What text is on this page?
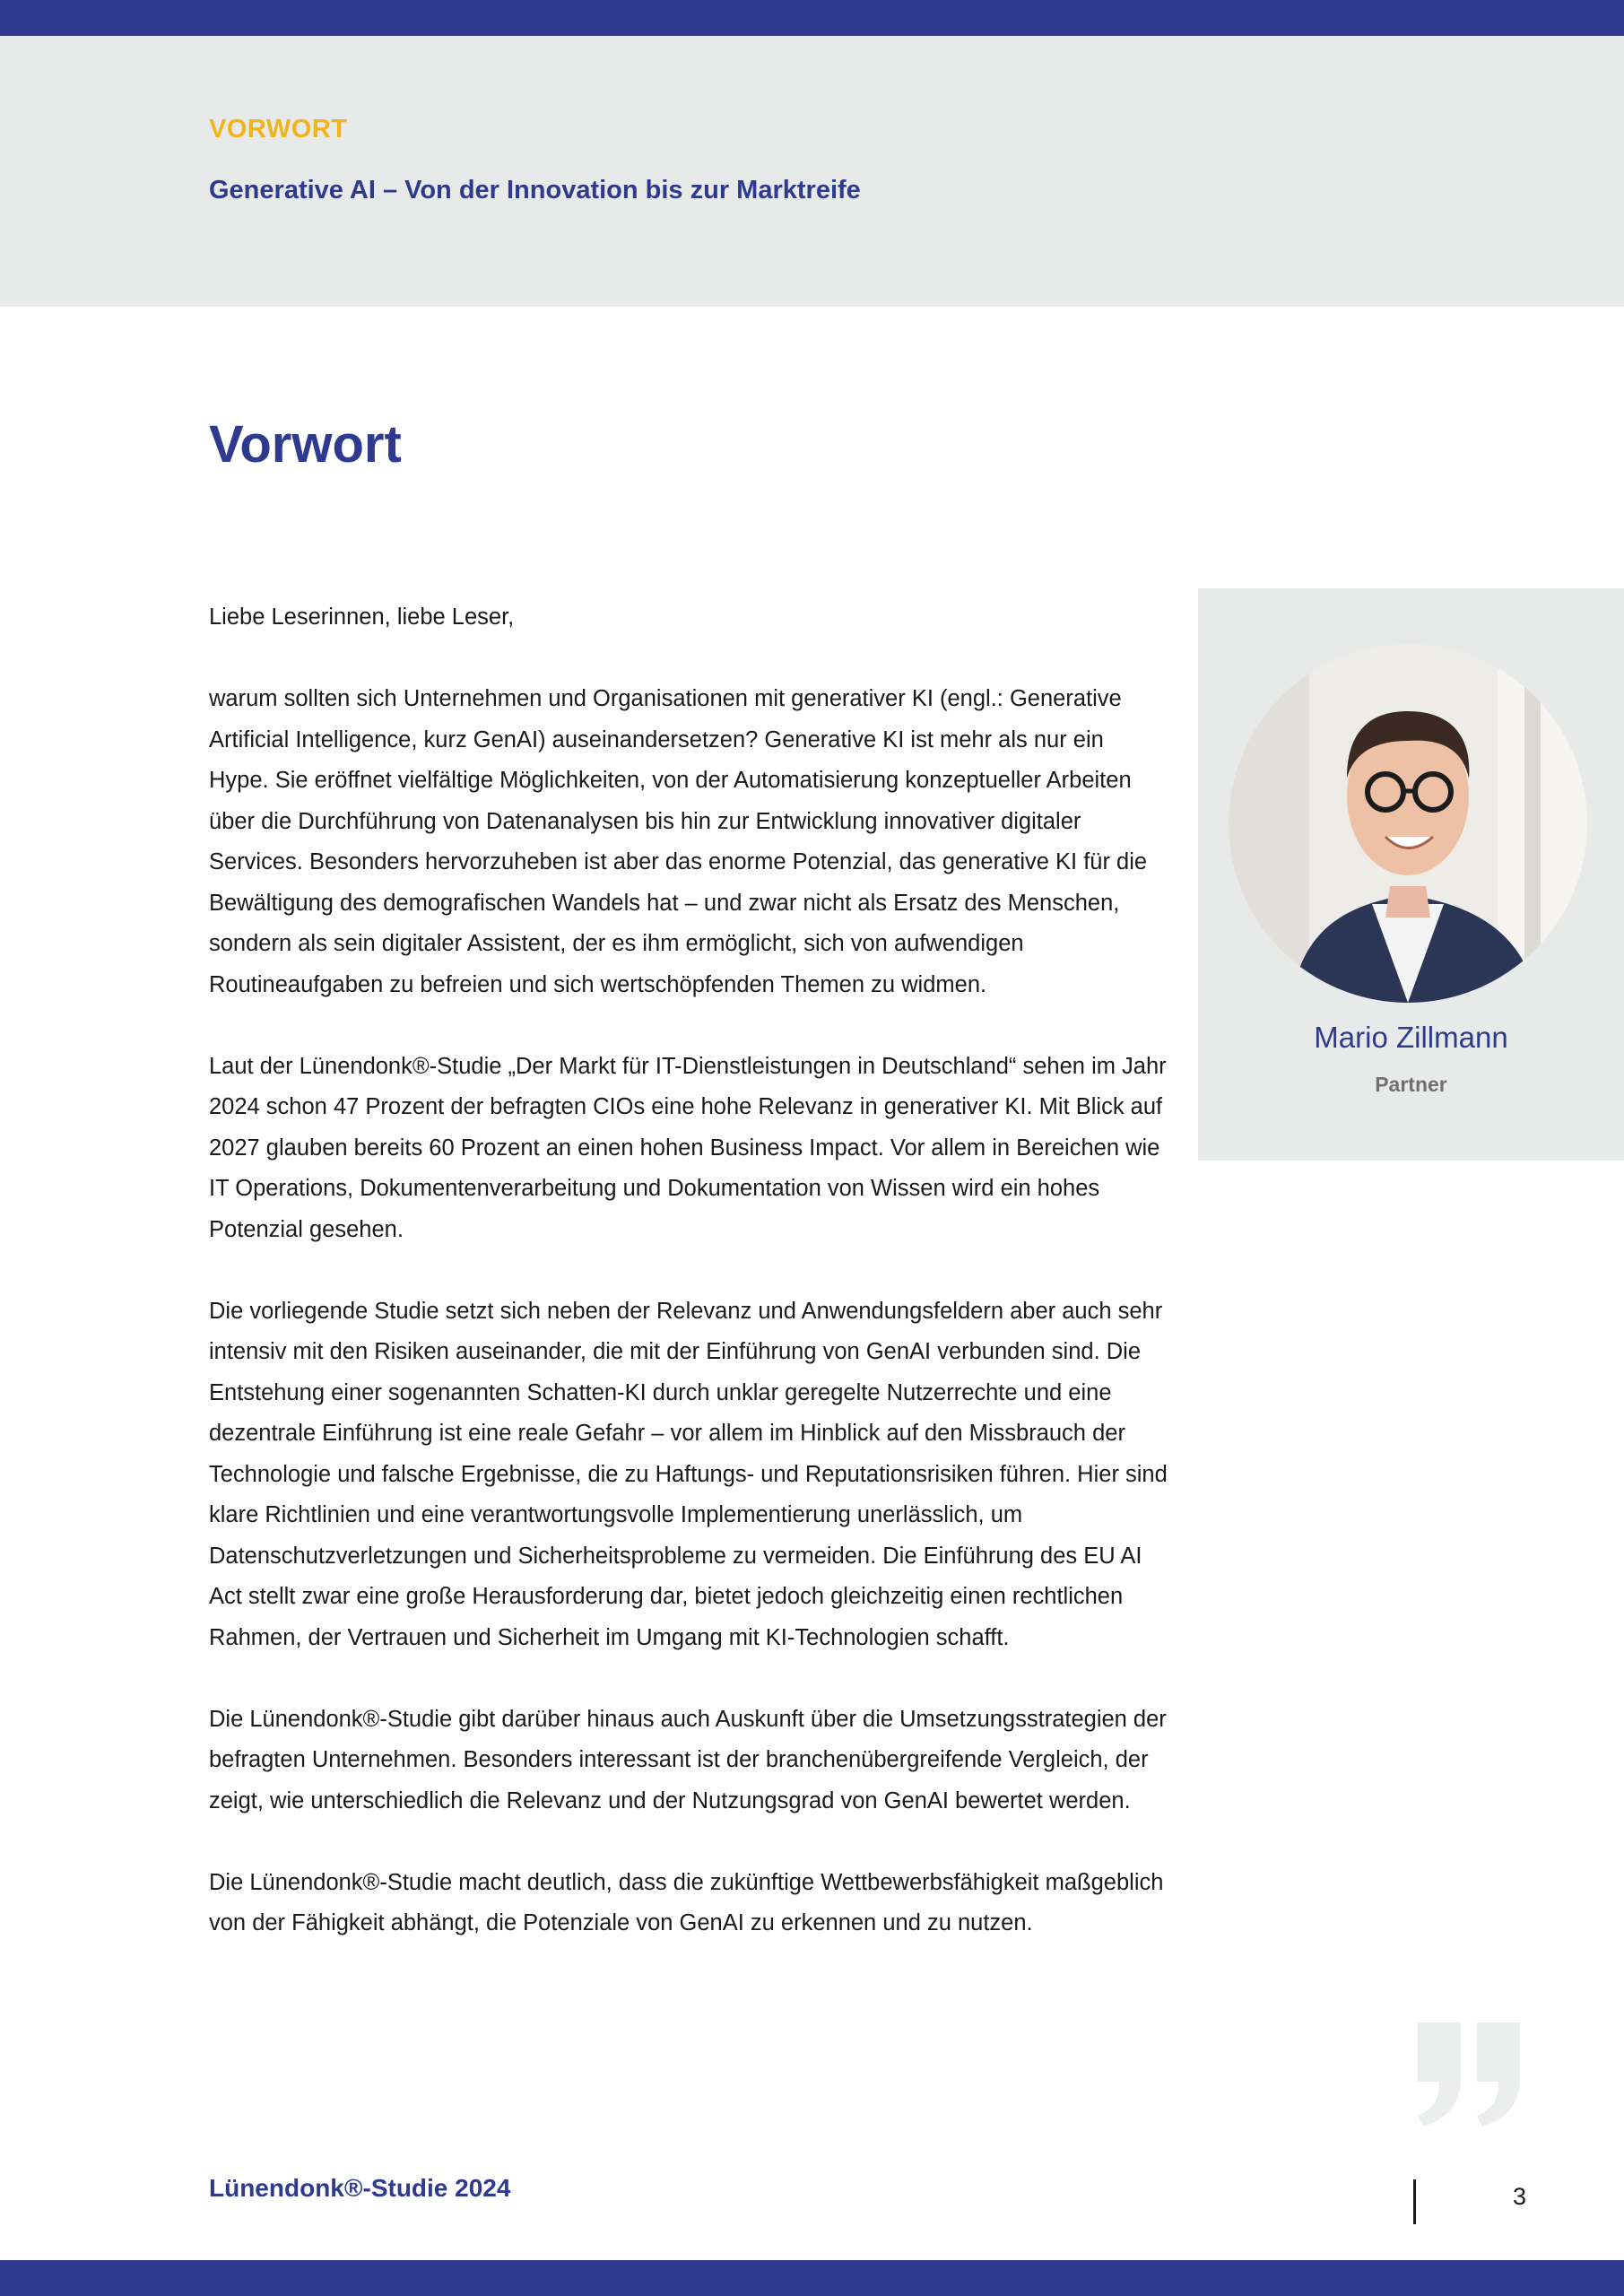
VORWORT
Generative AI – Von der Innovation bis zur Marktreife
Vorwort

Liebe Leserinnen, liebe Leser,

warum sollten sich Unternehmen und Organisationen mit generativer KI (engl.: Generative Artificial Intelligence, kurz GenAI) auseinandersetzen? Generative KI ist mehr als nur ein Hype. Sie eröffnet vielfältige Möglichkeiten, von der Automatisierung konzeptueller Arbeiten über die Durchführung von Datenanalysen bis hin zur Entwicklung innovativer digitaler Services. Besonders hervorzuheben ist aber das enorme Potenzial, das generative KI für die Bewältigung des demografischen Wandels hat – und zwar nicht als Ersatz des Menschen, sondern als sein digitaler Assistent, der es ihm ermöglicht, sich von aufwendigen Routineaufgaben zu befreien und sich wertschöpfenden Themen zu widmen.

Laut der Lünendonk®-Studie „Der Markt für IT-Dienstleistungen in Deutschland“ sehen im Jahr 2024 schon 47 Prozent der befragten CIOs eine hohe Relevanz in generativer KI. Mit Blick auf 2027 glauben bereits 60 Prozent an einen hohen Business Impact. Vor allem in Bereichen wie IT Operations, Dokumentenverarbeitung und Dokumentation von Wissen wird ein hohes Potenzial gesehen.

Die vorliegende Studie setzt sich neben der Relevanz und Anwendungsfeldern aber auch sehr intensiv mit den Risiken auseinander, die mit der Einführung von GenAI verbunden sind. Die Entstehung einer sogenannten Schatten-KI durch unklar geregelte Nutzerrechte und eine dezentrale Einführung ist eine reale Gefahr – vor allem im Hinblick auf den Missbrauch der Technologie und falsche Ergebnisse, die zu Haftungs- und Reputationsrisiken führen. Hier sind klare Richtlinien und eine verantwortungsvolle Implementierung unerlässlich, um Datenschutzverletzungen und Sicherheitsprobleme zu vermeiden. Die Einführung des EU AI Act stellt zwar eine große Herausforderung dar, bietet jedoch gleichzeitig einen rechtlichen Rahmen, der Vertrauen und Sicherheit im Umgang mit KI-Technologien schafft.

Die Lünendonk®-Studie gibt darüber hinaus auch Auskunft über die Umsetzungsstrategien der befragten Unternehmen. Besonders interessant ist der branchenübergreifende Vergleich, der zeigt, wie unterschiedlich die Relevanz und der Nutzungsgrad von GenAI bewertet werden.

Die Lünendonk®-Studie macht deutlich, dass die zukünftige Wettbewerbsfähigkeit maßgeblich von der Fähigkeit abhängt, die Potenziale von GenAI zu erkennen und zu nutzen.

Mario Zillmann

Partner

Lünendonk®-Studie 2024	3
